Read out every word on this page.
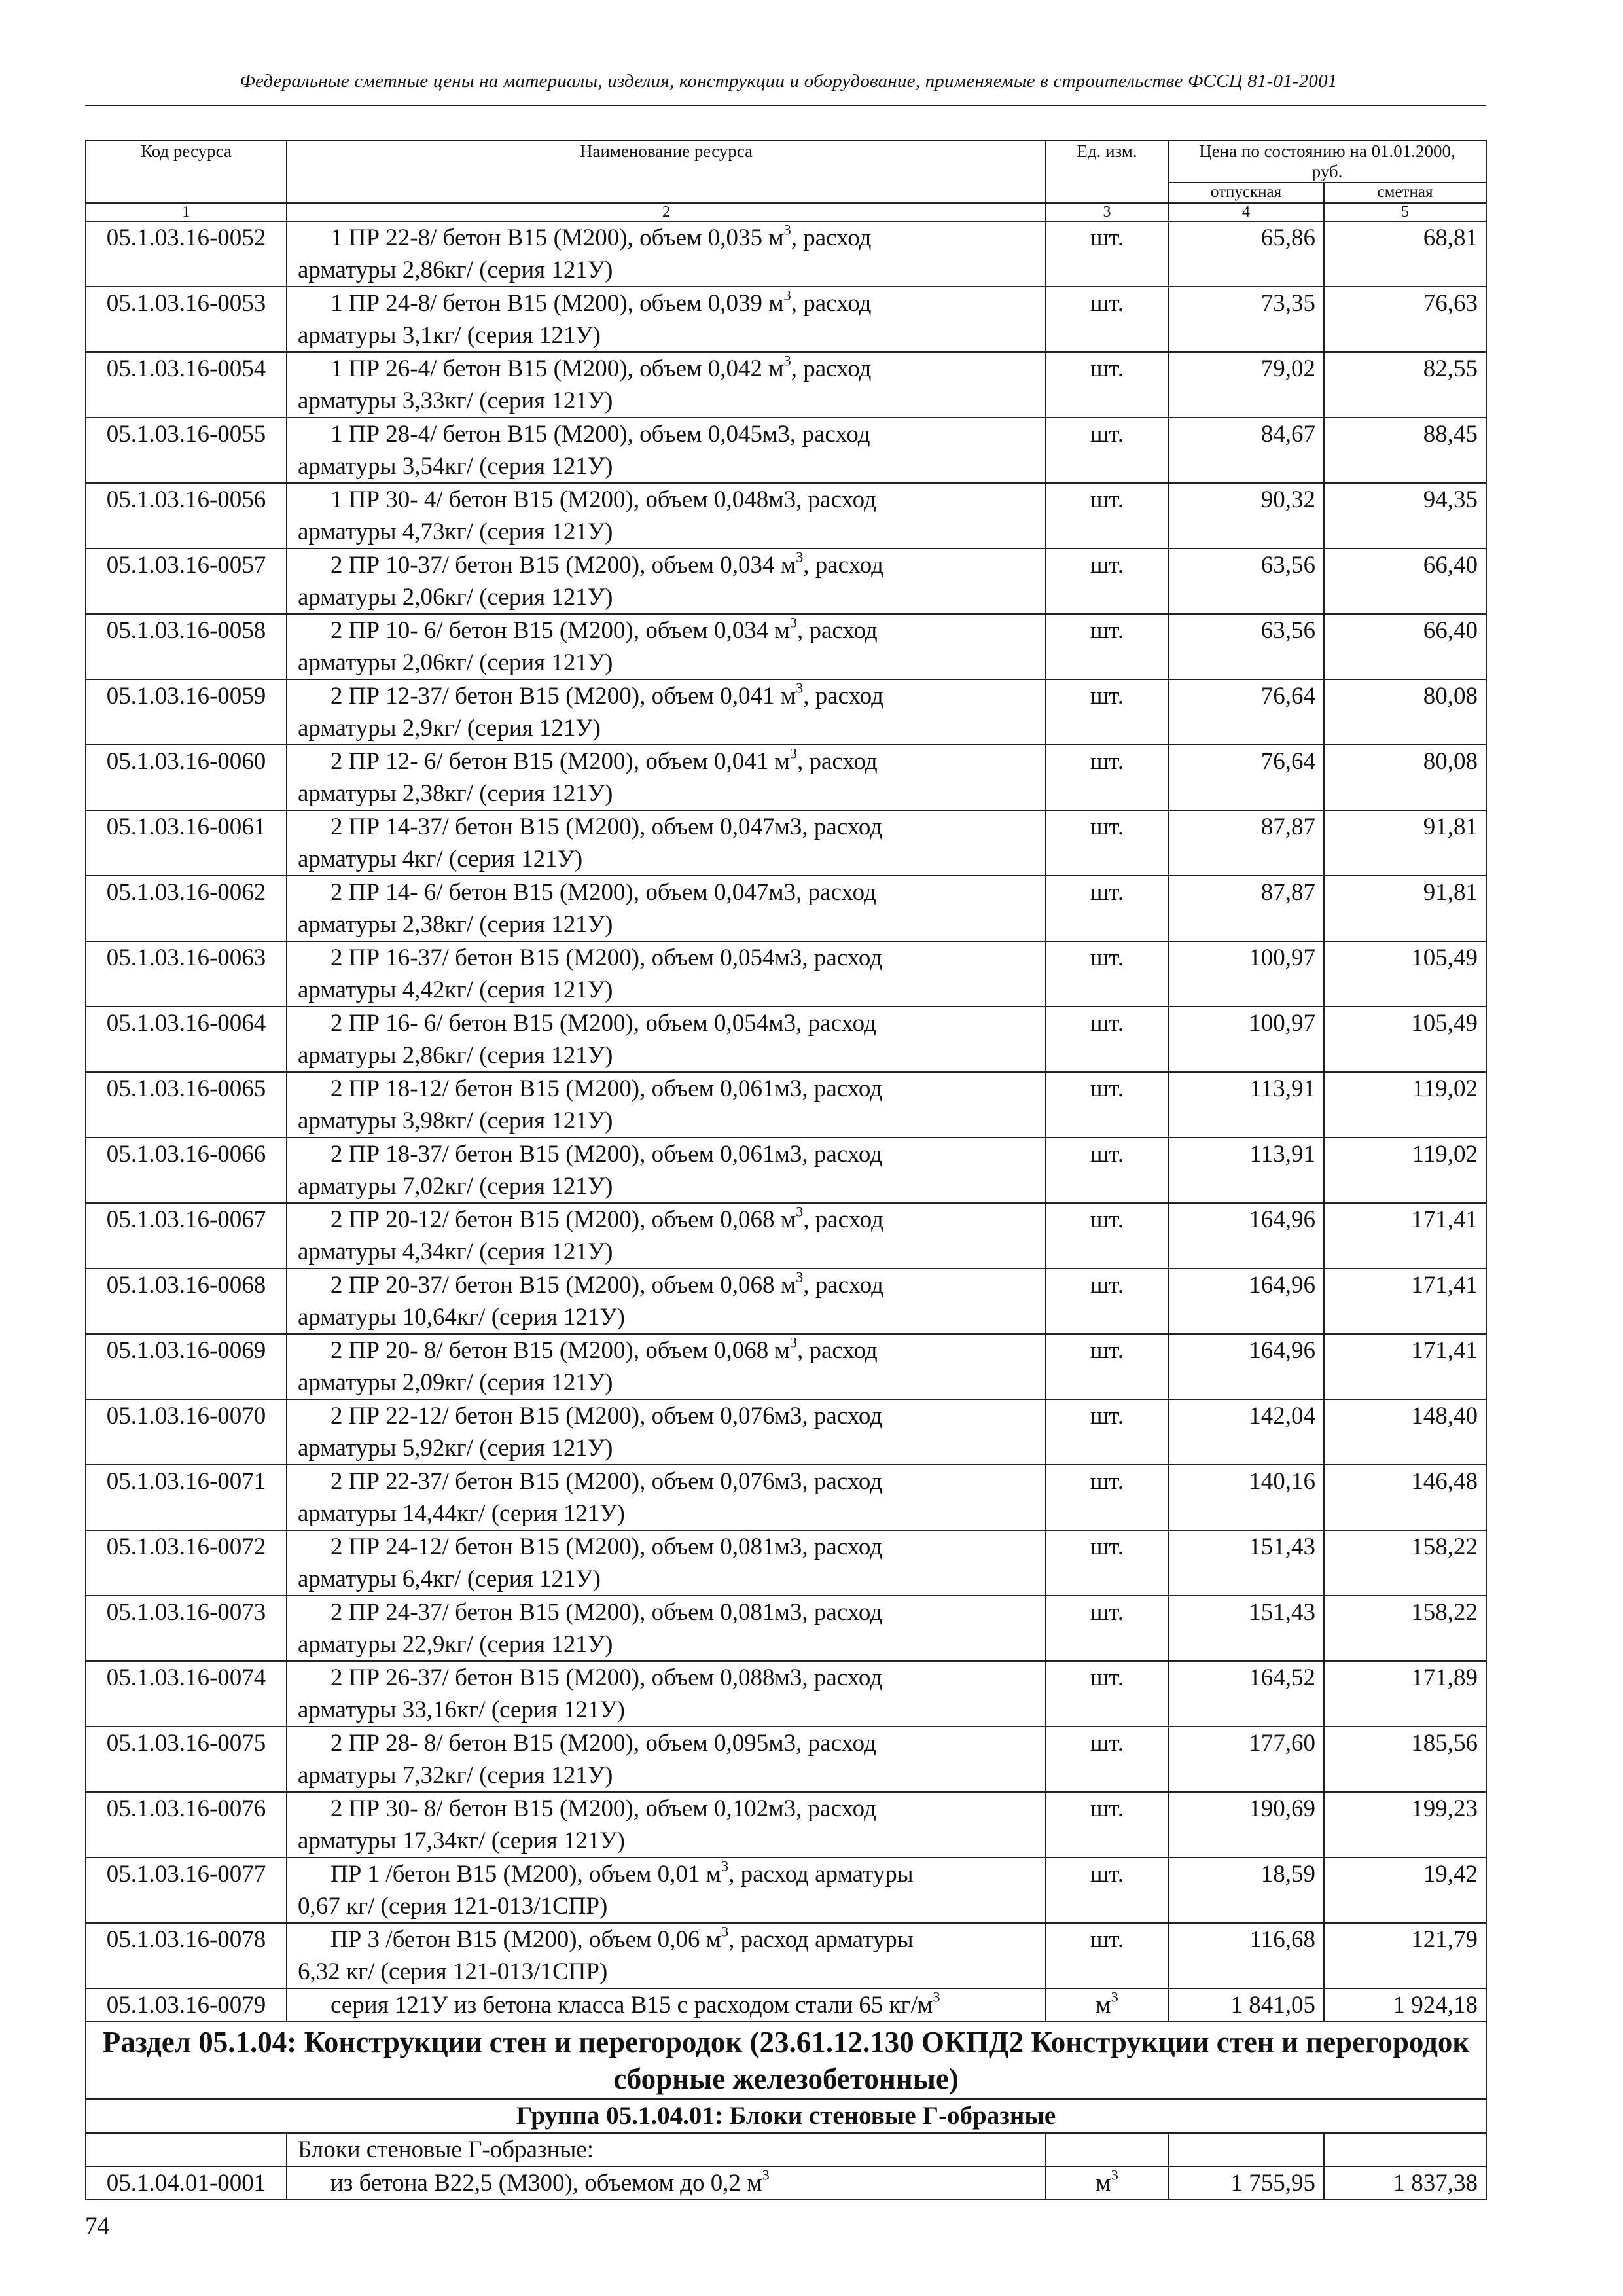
Федеральные сметные цены на материалы, изделия, конструкции и оборудование, применяемые в строительстве ФССЦ 81-01-2001
Код ресурса	Наименование ресурса	Ед. изм.	Цена по состоянию на 01.01.2000, руб.	
			отпускная	сметная
1	2	3	4	5
05.1.03.16-0052	1 ПР 22-8/ бетон В15 (М200), объем 0,035 $м^3$, расход
арматуры 2,86кг/ (серия 121У)	шт.	65,86	68,81
05.1.03.16-0053	1 ПР 24-8/ бетон В15 (М200), объем 0,039 $м^3$, расход
арматуры 3,1кг/ (серия 121У)	шт.	73,35	76,63
05.1.03.16-0054	1 ПР 26-4/ бетон В15 (М200), объем 0,042 $м^3$, расход
арматуры 3,33кг/ (серия 121У)	шт.	79,02	82,55
05.1.03.16-0055	1 ПР 28-4/ бетон В15 (М200), объем 0,045м3, расход
арматуры 3,54кг/ (серия 121У)	шт.	84,67	88,45
05.1.03.16-0056	1 ПР 30- 4/ бетон В15 (М200), объем 0,048м3, расход
арматуры 4,73кг/ (серия 121У)	шт.	90,32	94,35
05.1.03.16-0057	2 ПР 10-37/ бетон В15 (М200), объем 0,034 $м^3$, расход
арматуры 2,06кг/ (серия 121У)	шт.	63,56	66,40
05.1.03.16-0058	2 ПР 10- 6/ бетон В15 (М200), объем 0,034 $м^3$, расход
арматуры 2,06кг/ (серия 121У)	шт.	63,56	66,40
05.1.03.16-0059	2 ПР 12-37/ бетон В15 (М200), объем 0,041 $м^3$, расход
арматуры 2,9кг/ (серия 121У)	шт.	76,64	80,08
05.1.03.16-0060	2 ПР 12- 6/ бетон В15 (М200), объем 0,041 $м^3$, расход
арматуры 2,38кг/ (серия 121У)	шт.	76,64	80,08
05.1.03.16-0061	2 ПР 14-37/ бетон В15 (М200), объем 0,047м3, расход
арматуры 4кг/ (серия 121У)	шт.	87,87	91,81
05.1.03.16-0062	2 ПР 14- 6/ бетон В15 (М200), объем 0,047м3, расход
арматуры 2,38кг/ (серия 121У)	шт.	87,87	91,81
05.1.03.16-0063	2 ПР 16-37/ бетон В15 (М200), объем 0,054м3, расход
арматуры 4,42кг/ (серия 121У)	шт.	100,97	105,49
05.1.03.16-0064	2 ПР 16- 6/ бетон В15 (М200), объем 0,054м3, расход
арматуры 2,86кг/ (серия 121У)	шт.	100,97	105,49
05.1.03.16-0065	2 ПР 18-12/ бетон В15 (М200), объем 0,061м3, расход
арматуры 3,98кг/ (серия 121У)	шт.	113,91	119,02
05.1.03.16-0066	2 ПР 18-37/ бетон В15 (М200), объем 0,061м3, расход
арматуры 7,02кг/ (серия 121У)	шт.	113,91	119,02
05.1.03.16-0067	2 ПР 20-12/ бетон В15 (М200), объем 0,068 $м^3$, расход
арматуры 4,34кг/ (серия 121У)	шт.	164,96	171,41
05.1.03.16-0068	2 ПР 20-37/ бетон В15 (М200), объем 0,068 $м^3$, расход
арматуры 10,64кг/ (серия 121У)	шт.	164,96	171,41
05.1.03.16-0069	2 ПР 20- 8/ бетон В15 (М200), объем 0,068 $м^3$, расход
арматуры 2,09кг/ (серия 121У)	шт.	164,96	171,41
05.1.03.16-0070	2 ПР 22-12/ бетон В15 (М200), объем 0,076м3, расход
арматуры 5,92кг/ (серия 121У)	шт.	142,04	148,40
05.1.03.16-0071	2 ПР 22-37/ бетон В15 (М200), объем 0,076м3, расход
арматуры 14,44кг/ (серия 121У)	шт.	140,16	146,48
05.1.03.16-0072	2 ПР 24-12/ бетон В15 (М200), объем 0,081м3, расход
арматуры 6,4кг/ (серия 121У)	шт.	151,43	158,22
05.1.03.16-0073	2 ПР 24-37/ бетон В15 (М200), объем 0,081м3, расход
арматуры 22,9кг/ (серия 121У)	шт.	151,43	158,22
05.1.03.16-0074	2 ПР 26-37/ бетон В15 (М200), объем 0,088м3, расход
арматуры 33,16кг/ (серия 121У)	шт.	164,52	171,89
05.1.03.16-0075	2 ПР 28- 8/ бетон В15 (М200), объем 0,095м3, расход
арматуры 7,32кг/ (серия 121У)	шт.	177,60	185,56
05.1.03.16-0076	2 ПР 30- 8/ бетон В15 (М200), объем 0,102м3, расход
арматуры 17,34кг/ (серия 121У)	шт.	190,69	199,23
05.1.03.16-0077	ПР 1 /бетон В15 (М200), объем 0,01 $м^3$, расход арматуры
0,67 кг/ (серия 121-013/1СПР)	шт.	18,59	19,42
05.1.03.16-0078	ПР 3 /бетон В15 (М200), объем 0,06 $м^3$, расход арматуры
6,32 кг/ (серия 121-013/1СПР)	шт.	116,68	121,79
05.1.03.16-0079	серия 121У из бетона класса В15 с расходом стали 65 $кг/м^3$	$м^3$	1 841,05	1 924,18
Раздел 05.1.04: Конструкции стен и перегородок (23.61.12.130 ОКПД2 Конструкции стен и перегородок сборные железобетонные)				
Группа 05.1.04.01: Блоки стеновые Г-образные				
	Блоки стеновые Г-образные:			
05.1.04.01-0001	из бетона В22,5 (М300), объемом до 0,2 $м^3$	$м^3$	1 755,95	1 837,38
74
